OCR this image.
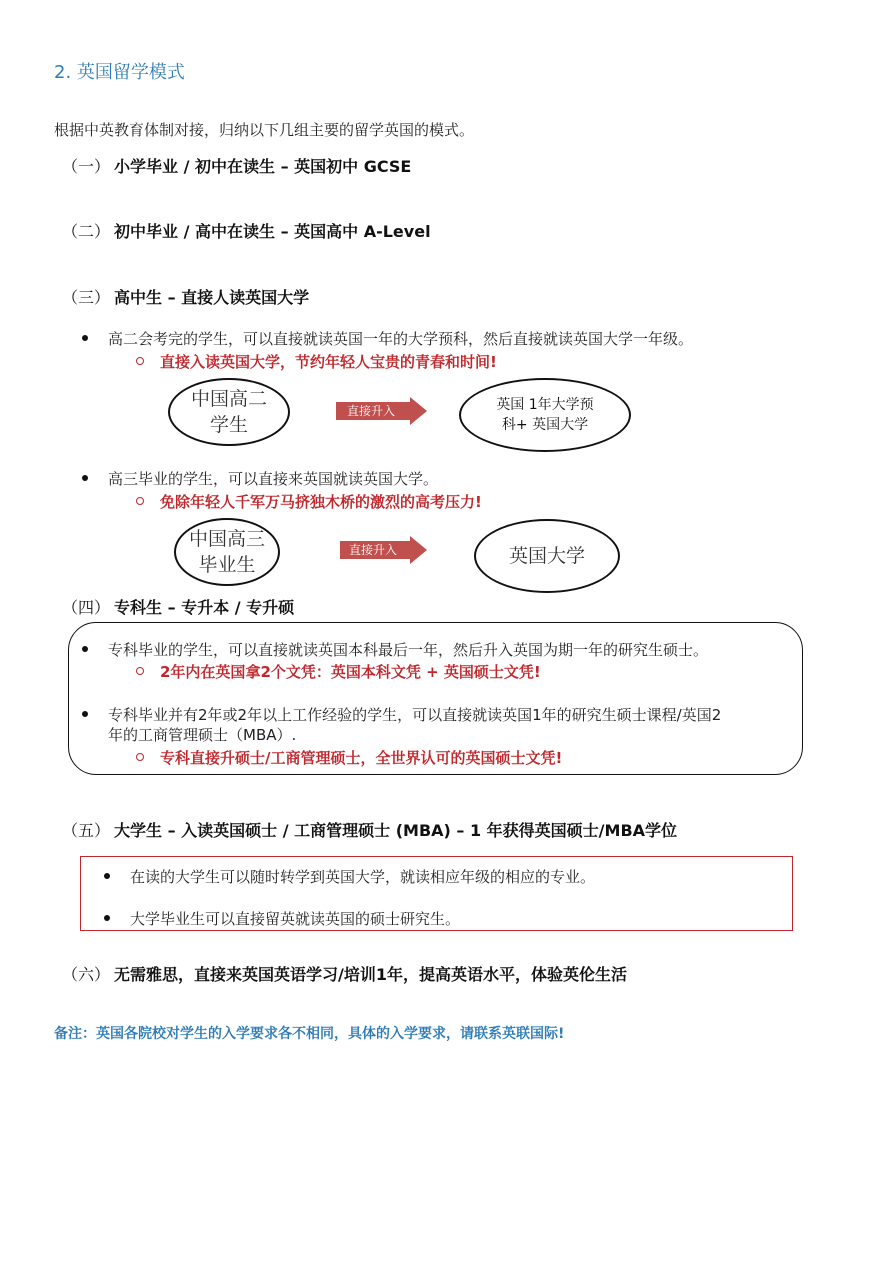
2. 英国留学模式
根据中英教育体制对接，归纳以下几组主要的留学英国的模式。
（一） 小学毕业 / 初中在读生 – 英国初中 GCSE
（二） 初中毕业 / 高中在读生 – 英国高中 A-Level
（三） 高中生 – 直接人读英国大学
高二会考完的学生，可以直接就读英国一年的大学预科，然后直接就读英国大学一年级。
直接入读英国大学，节约年轻人宝贵的青春和时间!
中国高二
学生
直接升入	英国 1年大学预
科+ 英国大学
高三毕业的学生，可以直接来英国就读英国大学。
免除年轻人千军万马挤独木桥的激烈的高考压力!
中国高三
毕业生
直接升入	英国大学
（四） 专科生 – 专升本 / 专升硕
专科毕业的学生，可以直接就读英国本科最后一年，然后升入英国为期一年的研究生硕士。
2年内在英国拿2个文凭：英国本科文凭 + 英国硕士文凭!
专科毕业并有2年或2年以上工作经验的学生，可以直接就读英国1年的研究生硕士课程/英国2
年的工商管理硕士（MBA）.
专科直接升硕士/工商管理硕士，全世界认可的英国硕士文凭!
（五） 大学生 – 入读英国硕士 / 工商管理硕士 (MBA) – 1 年获得英国硕士/MBA学位
在读的大学生可以随时转学到英国大学，就读相应年级的相应的专业。
大学毕业生可以直接留英就读英国的硕士研究生。
（六） 无需雅思，直接来英国英语学习/培训1年，提高英语水平，体验英伦生活
备注：英国各院校对学生的入学要求各不相同，具体的入学要求，请联系英联国际!
